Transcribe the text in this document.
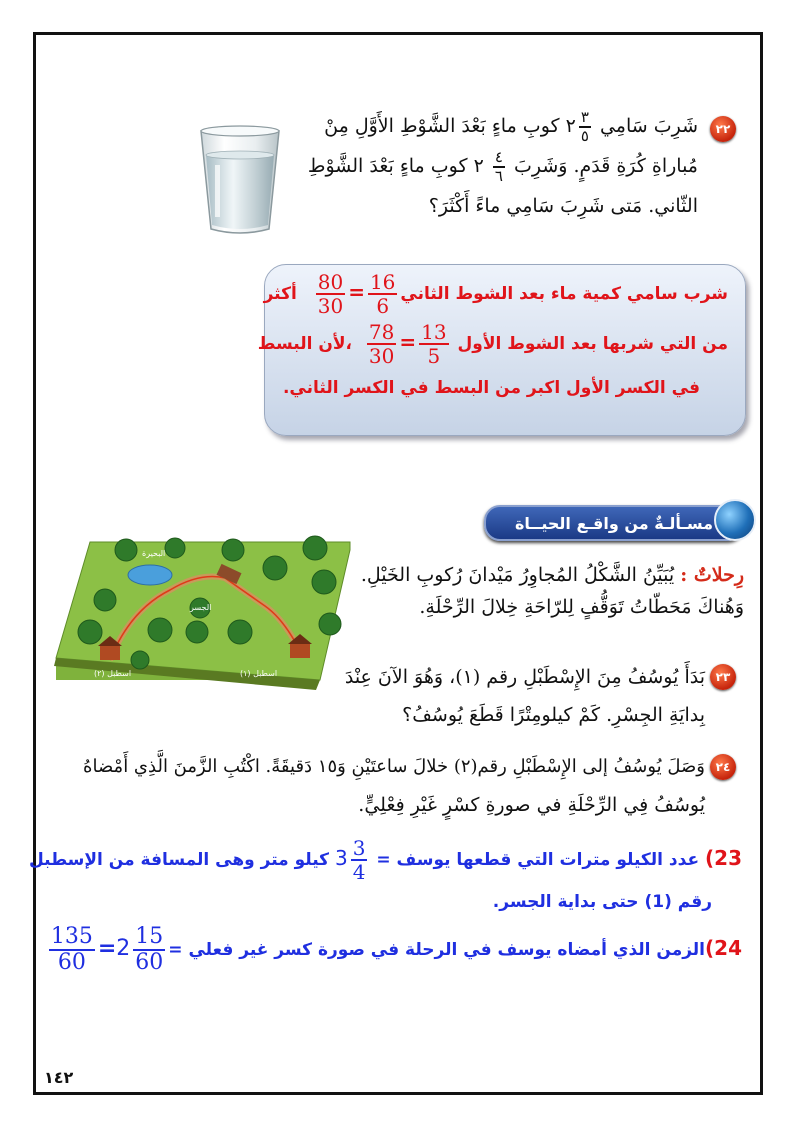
٢٢
شَرِبَ سَامِي
$\frac{٣}{٥}$
٢ كوبِ ماءٍ بَعْدَ الشَّوْطِ الأَوَّلِ مِنْ
مُباراةِ كُرَةِ قَدَمٍ. وَشَرِبَ
$\frac{٤}{٦}$
٢ كوبِ ماءٍ بَعْدَ الشَّوْطِ
الثّاني. مَتى شَرِبَ سَامِي ماءً أَكْثَرَ؟
شرب سامي كمية ماء بعد الشوط الثاني
$\frac{16}{6}$
=
$\frac{80}{30}$
أكثر
من التي شربها بعد الشوط الأول
$\frac{13}{5}$
=
$\frac{78}{30}$
،لأن البسط
في الكسر الأول اكبر من البسط في الكسر الثاني.
مسـألـةٌ من واقـع الحيــاة
البحيرة
الجسر
اسطبل (١)
اسطبل (٢)
رِحلاتٌ : يُبَيِّنُ الشَّكْلُ المُجاوِرُ مَيْدانَ رُكوبِ الخَيْلِ.
وَهُناكَ مَحَطّاتُ تَوَقُّفٍ لِلرّاحَةِ خِلالَ الرِّحْلَةِ.
٢٣
بَدَأَ يُوسُفُ مِنَ الإِسْطَبْلِ رقم (١)، وَهُوَ الآنَ عِنْدَ
بِدايَةِ الجِسْرِ. كَمْ كيلومِتْرًا قَطَعَ يُوسُفُ؟
٢٤
وَصَلَ يُوسُفُ إلى الإِسْطَبْلِ رقم(٢) خلالَ ساعتَيْنِ وَ١٥ دَقيقَةً. اكْتُبِ الزَّمنَ الَّذِي أَمْضاهُ
يُوسُفُ فِي الرِّحْلَةِ في صورةِ كسْرٍ غَيْرِ فِعْلِيٍّ.
23) عدد الكيلو مترات التي قطعها يوسف =
$\frac{3}{4}$
3 كيلو متر وهى المسافة من الإسطبل
رقم (1) حتى بداية الجسر.
24)الزمن الذي أمضاه يوسف في الرحلة في صورة كسر غير فعلي =
$\frac{15}{60}$
2=
$\frac{135}{60}$
١٤٢
